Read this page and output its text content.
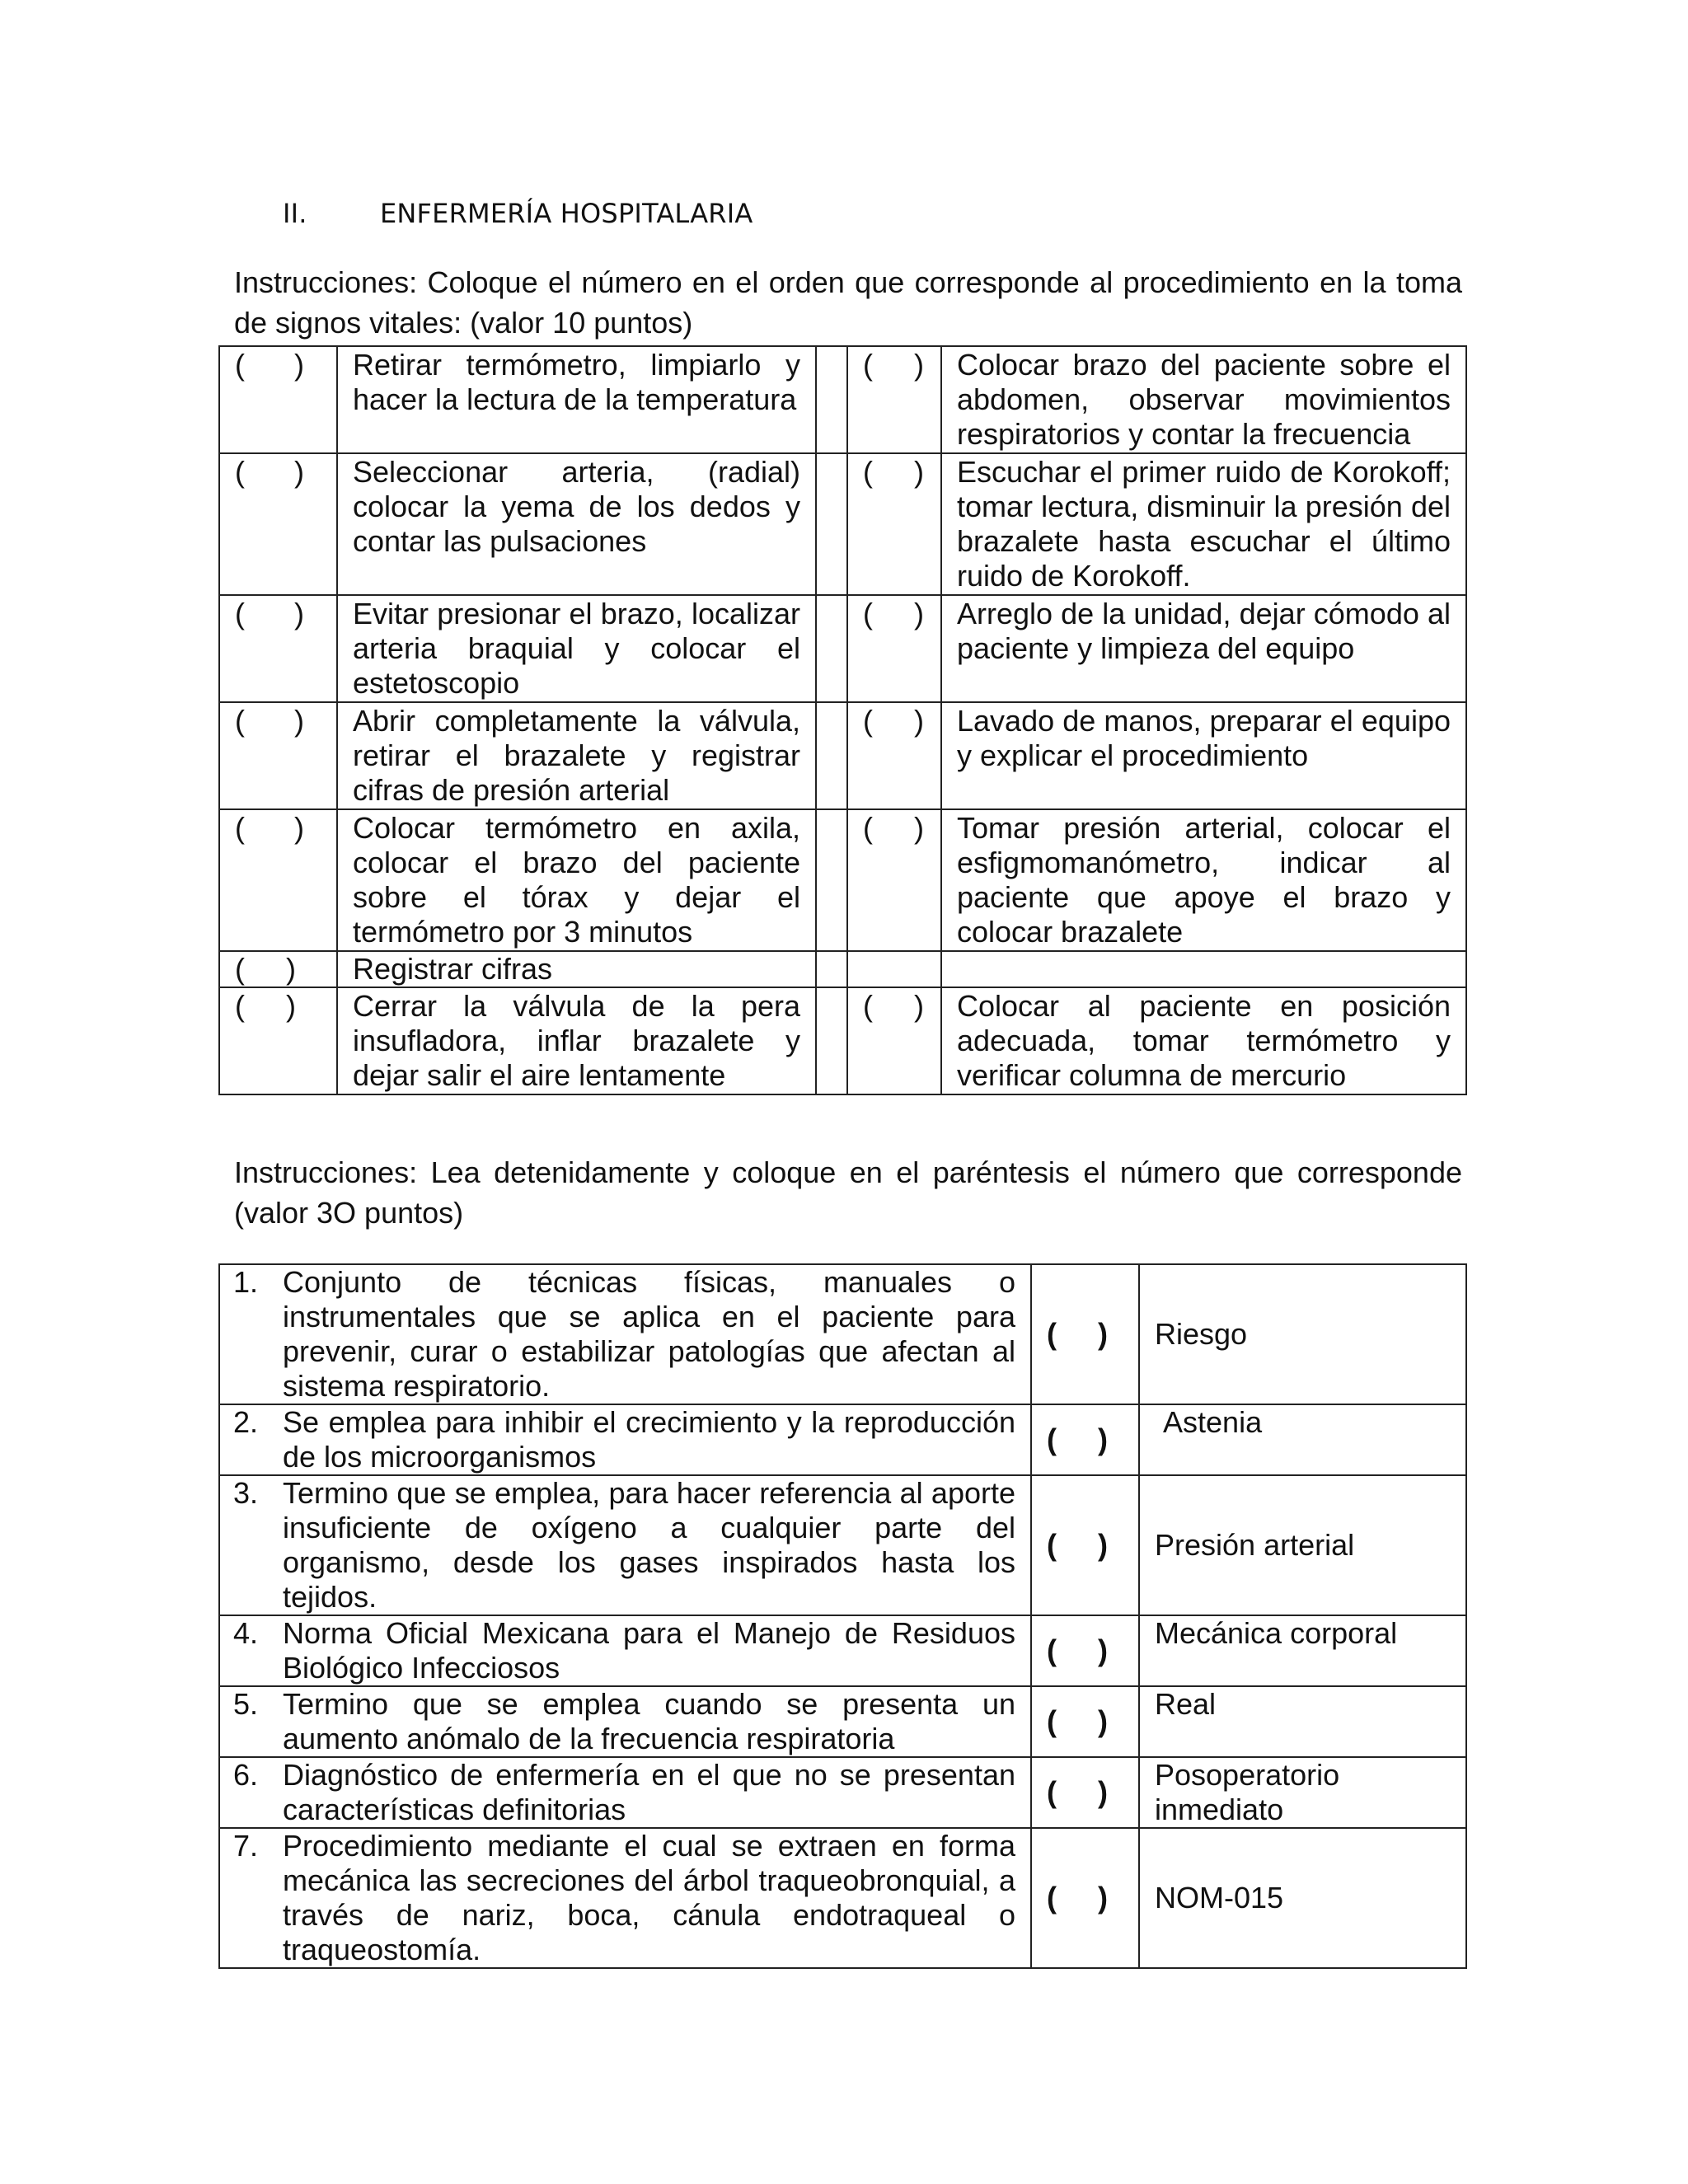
II.	ENFERMERÍA HOSPITALARIA
Instrucciones: Coloque el número en el orden que corresponde al procedimiento en la toma de signos vitales: (valor 10 puntos)
(      )	Retirar termómetro, limpiarlo y hacer la lectura de la temperatura		(     )	Colocar brazo del paciente sobre el abdomen, observar movimientos respiratorios y contar la frecuencia
(      )	Seleccionar arteria, (radial) colocar la yema de los dedos y contar las pulsaciones		(     )	Escuchar el primer ruido de Korokoff; tomar lectura, disminuir la presión del brazalete hasta escuchar el último ruido de Korokoff.
(      )	Evitar presionar el brazo, localizar arteria braquial y colocar el estetoscopio		(     )	Arreglo de la unidad, dejar cómodo al paciente y limpieza del equipo
(      )	Abrir completamente la válvula, retirar el brazalete y registrar cifras de presión arterial		(     )	Lavado de manos, preparar el equipo y explicar el procedimiento
(      )	Colocar termómetro en axila, colocar el brazo del paciente sobre el tórax y dejar el termómetro por 3 minutos		(     )	Tomar presión arterial, colocar el esfigmomanómetro, indicar al paciente que apoye el brazo y colocar brazalete
(     )	Registrar cifras			
(     )	Cerrar la válvula de la pera insufladora, inflar brazalete y dejar salir el aire lentamente		(     )	Colocar al paciente en posición adecuada, tomar termómetro y verificar columna de mercurio
Instrucciones: Lea detenidamente y coloque en el paréntesis el número que corresponde (valor 3O puntos)
1. Conjunto de técnicas físicas, manuales o instrumentales que se aplica en el paciente para prevenir, curar o estabilizar patologías que afectan al sistema respiratorio.	(     )	Riesgo

2. Se emplea para inhibir el crecimiento y la reproducción de los microorganismos	(     )	Astenia

3. Termino que se emplea, para hacer referencia al aporte insuficiente de oxígeno a cualquier parte del organismo, desde los gases inspirados hasta los tejidos.	(     )	Presión arterial

4. Norma Oficial Mexicana para el Manejo de Residuos Biológico Infecciosos	(     )	Mecánica corporal

5. Termino que se emplea cuando se presenta un aumento anómalo de la frecuencia respiratoria	(     )	Real

6. Diagnóstico de enfermería en el que no se presentan características definitorias	(     )	Posoperatorio inmediato

7. Procedimiento mediante el cual se extraen en forma mecánica las secreciones del árbol traqueobronquial, a través de nariz, boca, cánula endotraqueal o traqueostomía.	(     )	NOM-015
